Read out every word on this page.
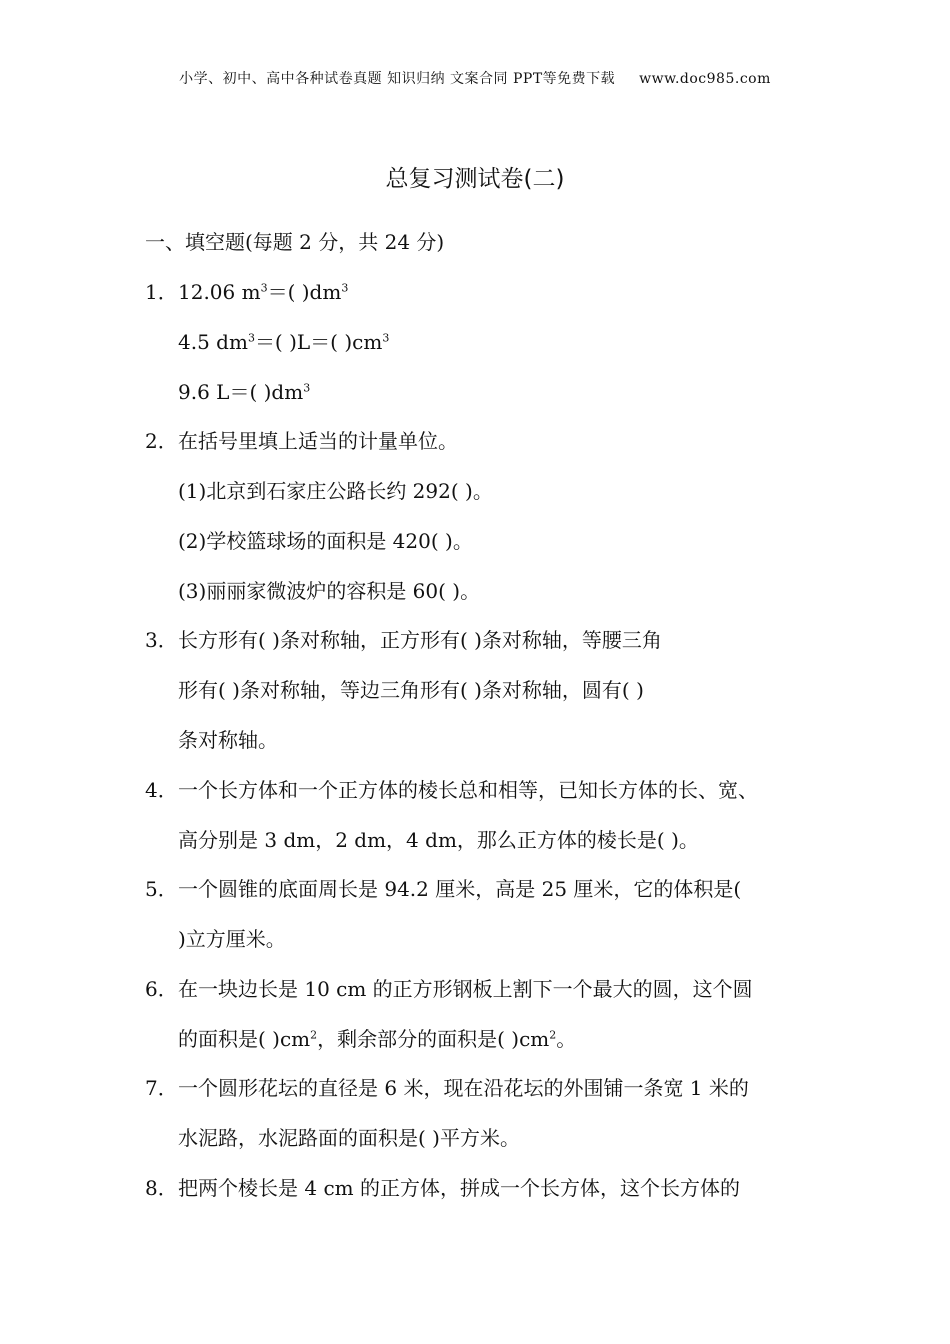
小学、初中、高中各种试卷真题 知识归纳 文案合同 PPT等免费下载 www.doc985.com
总复习测试卷(二)
一、填空题(每题 2 分，共 24 分)
1． 12.06 $m^3=$( )$dm^3$
4.5 $dm^3=$( )L＝( )$cm^3$
9.6 L＝( )$dm^3$
2． 在括号里填上适当的计量单位。
(1)北京到石家庄公路长约 292( )。
(2)学校篮球场的面积是 420( )。
(3)丽丽家微波炉的容积是 60( )。
3． 长方形有( )条对称轴，正方形有( )条对称轴，等腰三角
形有( )条对称轴，等边三角形有( )条对称轴，圆有( )
条对称轴。
4． 一个长方体和一个正方体的棱长总和相等，已知长方体的长、宽、
高分别是 3 dm，2 dm，4 dm，那么正方体的棱长是( )。
5． 一个圆锥的底面周长是 94.2 厘米，高是 25 厘米，它的体积是(
)立方厘米。
6． 在一块边长是 10 cm 的正方形钢板上割下一个最大的圆，这个圆
的面积是( )$cm^2$，剩余部分的面积是( )$cm^2$。
7． 一个圆形花坛的直径是 6 米，现在沿花坛的外围铺一条宽 1 米的
水泥路，水泥路面的面积是( )平方米。
8． 把两个棱长是 4 cm 的正方体，拼成一个长方体，这个长方体的
